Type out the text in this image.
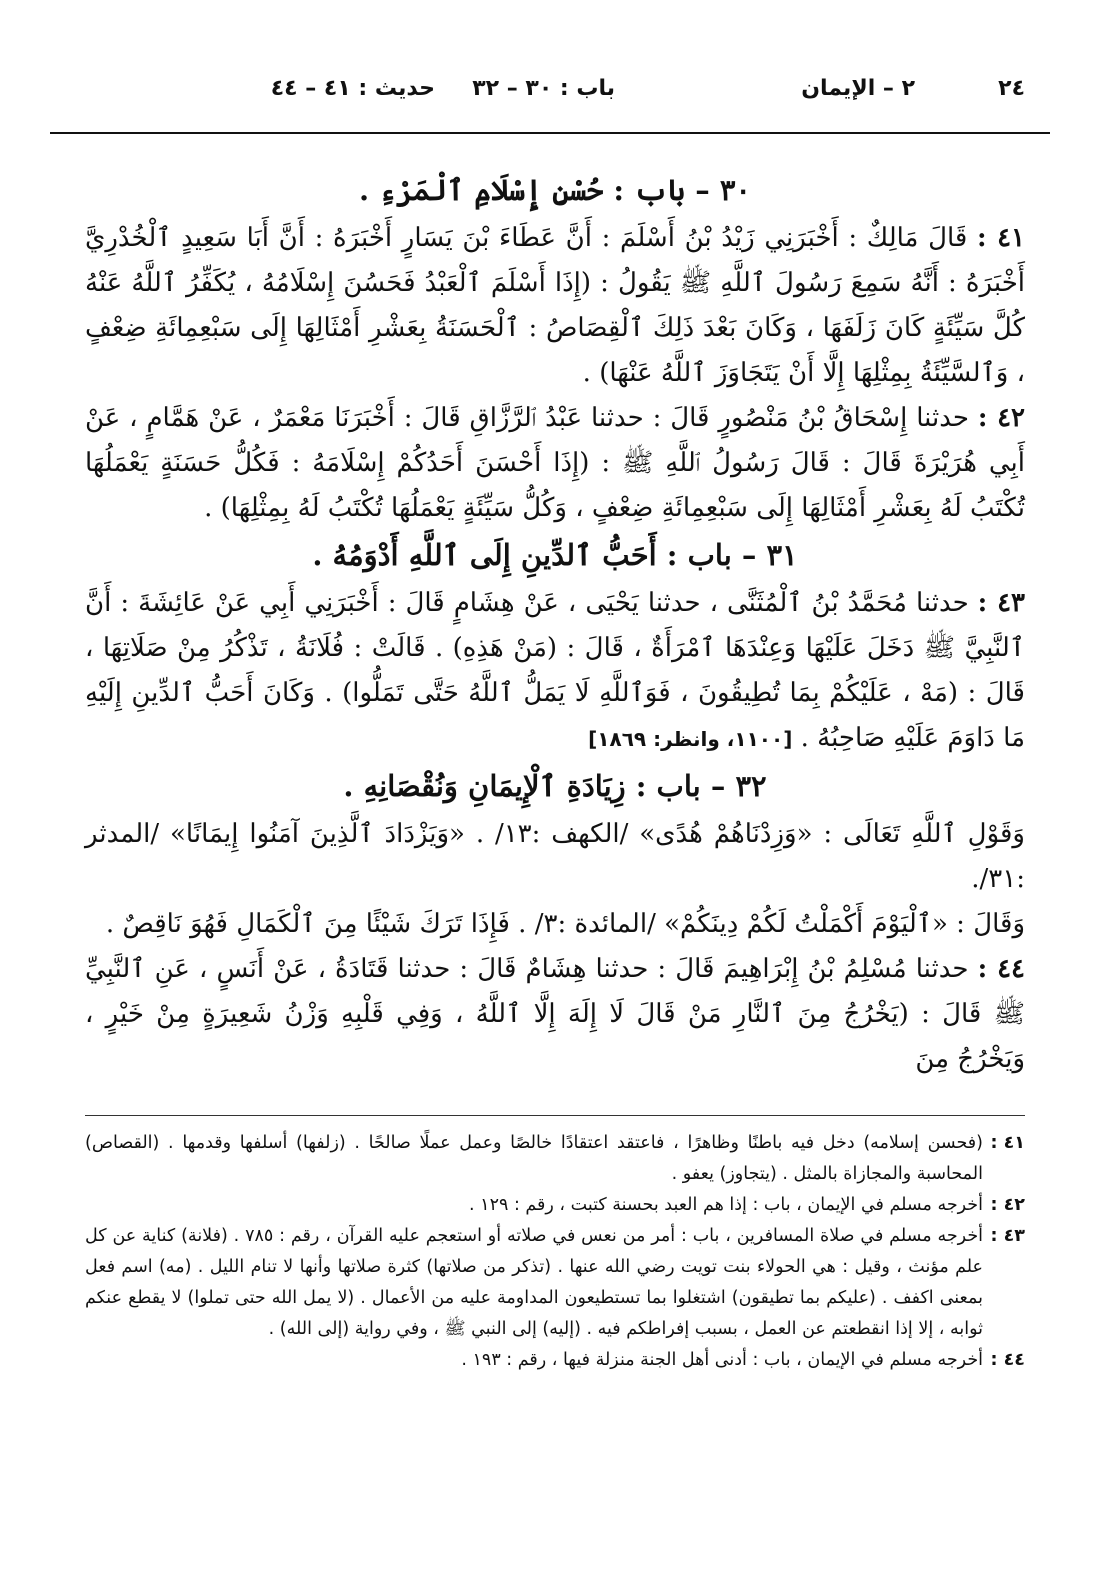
٢٤
٢ – الإيمان
باب : ٣٠ – ٣٢
حديث : ٤١ – ٤٤
٣٠ – باب : حُسْنِ إِسْلَامِ ٱلْمَرْءِ .

٤١ : قَالَ مَالِكٌ : أَخْبَرَنِي زَيْدُ بْنُ أَسْلَمَ : أَنَّ عَطَاءَ بْنَ يَسَارٍ أَخْبَرَهُ : أَنَّ أَبَا سَعِيدٍ ٱلْخُدْرِيَّ أَخْبَرَهُ : أَنَّهُ سَمِعَ رَسُولَ ٱللَّهِ ﷺ يَقُولُ : (إِذَا أَسْلَمَ ٱلْعَبْدُ فَحَسُنَ إِسْلَامُهُ ، يُكَفِّرُ ٱللَّهُ عَنْهُ كُلَّ سَيِّئَةٍ كَانَ زَلَفَهَا ، وَكَانَ بَعْدَ ذَلِكَ ٱلْقِصَاصُ : ٱلْحَسَنَةُ بِعَشْرِ أَمْثَالِهَا إِلَى سَبْعِمِائَةِ ضِعْفٍ ، وَٱلسَّيِّئَةُ بِمِثْلِهَا إِلَّا أَنْ يَتَجَاوَزَ ٱللَّهُ عَنْهَا) .

٤٢ : حدثنا إِسْحَاقُ بْنُ مَنْصُورٍ قَالَ : حدثنا عَبْدُ ٱلرَّزَّاقِ قَالَ : أَخْبَرَنَا مَعْمَرٌ ، عَنْ هَمَّامٍ ، عَنْ أَبِي هُرَيْرَةَ قَالَ : قَالَ رَسُولُ ٱللَّهِ ﷺ : (إِذَا أَحْسَنَ أَحَدُكُمْ إِسْلَامَهُ : فَكُلُّ حَسَنَةٍ يَعْمَلُهَا تُكْتَبُ لَهُ بِعَشْرِ أَمْثَالِهَا إِلَى سَبْعِمِائَةِ ضِعْفٍ ، وَكُلُّ سَيِّئَةٍ يَعْمَلُهَا تُكْتَبُ لَهُ بِمِثْلِهَا) .

٣١ – باب : أَحَبُّ ٱلدِّينِ إِلَى ٱللَّهِ أَدْوَمُهُ .

٤٣ : حدثنا مُحَمَّدُ بْنُ ٱلْمُثَنَّى ، حدثنا يَحْيَى ، عَنْ هِشَامٍ قَالَ : أَخْبَرَنِي أَبِي عَنْ عَائِشَةَ : أَنَّ ٱلنَّبِيَّ ﷺ دَخَلَ عَلَيْهَا وَعِنْدَهَا ٱمْرَأَةٌ ، قَالَ : (مَنْ هَذِهِ) . قَالَتْ : فُلَانَةُ ، تَذْكُرُ مِنْ صَلَاتِهَا ، قَالَ : (مَهْ ، عَلَيْكُمْ بِمَا تُطِيقُونَ ، فَوَٱللَّهِ لَا يَمَلُّ ٱللَّهُ حَتَّى تَمَلُّوا) . وَكَانَ أَحَبُّ ٱلدِّينِ إِلَيْهِ مَا دَاوَمَ عَلَيْهِ صَاحِبُهُ . [١١٠٠، وانظر: ١٨٦٩]

٣٢ – باب : زِيَادَةِ ٱلْإِيمَانِ وَنُقْصَانِهِ .

وَقَوْلِ ٱللَّهِ تَعَالَى : «وَزِدْنَاهُمْ هُدًى» /الكهف :١٣/ . «وَيَزْدَادَ ٱلَّذِينَ آمَنُوا إِيمَانًا» /المدثر :٣١/.

وَقَالَ : «ٱلْيَوْمَ أَكْمَلْتُ لَكُمْ دِينَكُمْ» /المائدة :٣/ . فَإِذَا تَرَكَ شَيْئًا مِنَ ٱلْكَمَالِ فَهُوَ نَاقِصٌ .

٤٤ : حدثنا مُسْلِمُ بْنُ إِبْرَاهِيمَ قَالَ : حدثنا هِشَامٌ قَالَ : حدثنا قَتَادَةُ ، عَنْ أَنَسٍ ، عَنِ ٱلنَّبِيِّ ﷺ قَالَ : (يَخْرُجُ مِنَ ٱلنَّارِ مَنْ قَالَ لَا إِلَهَ إِلَّا ٱللَّهُ ، وَفِي قَلْبِهِ وَزْنُ شَعِيرَةٍ مِنْ خَيْرٍ ، وَيَخْرُجُ مِنَ

٤١ :
(فحسن إسلامه) دخل فيه باطنًا وظاهرًا ، فاعتقد اعتقادًا خالصًا وعمل عملًا صالحًا . (زلفها) أسلفها وقدمها . (القصاص) المحاسبة والمجازاة بالمثل . (يتجاوز) يعفو .

٤٢ :
أخرجه مسلم في الإيمان ، باب : إذا هم العبد بحسنة كتبت ، رقم : ١٢٩ .

٤٣ :
أخرجه مسلم في صلاة المسافرين ، باب : أمر من نعس في صلاته أو استعجم عليه القرآن ، رقم : ٧٨٥ . (فلانة) كناية عن كل علم مؤنث ، وقيل : هي الحولاء بنت تويت رضي الله عنها . (تذكر من صلاتها) كثرة صلاتها وأنها لا تنام الليل . (مه) اسم فعل بمعنى اكفف . (عليكم بما تطيقون) اشتغلوا بما تستطيعون المداومة عليه من الأعمال . (لا يمل الله حتى تملوا) لا يقطع عنكم ثوابه ، إلا إذا انقطعتم عن العمل ، بسبب إفراطكم فيه . (إليه) إلى النبي ﷺ ، وفي رواية (إلى الله) .

٤٤ :
أخرجه مسلم في الإيمان ، باب : أدنى أهل الجنة منزلة فيها ، رقم : ١٩٣ .
